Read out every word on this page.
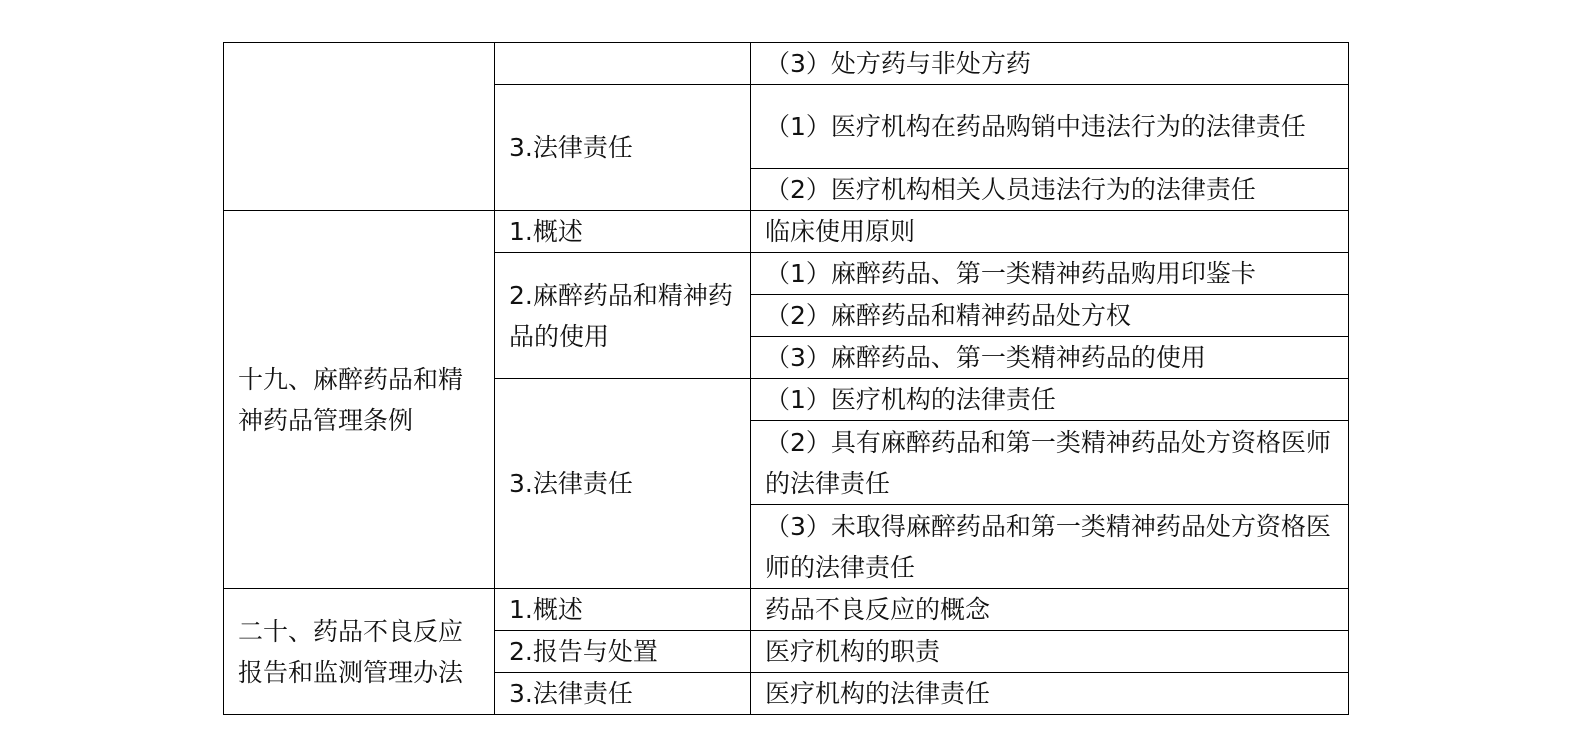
		（3）处方药与非处方药
	3.法律责任	（1）医疗机构在药品购销中违法行为的法律责任
		（2）医疗机构相关人员违法行为的法律责任
十九、麻醉药品和精神药品管理条例	1.概述	临床使用原则
	2.麻醉药品和精神药品的使用	（1）麻醉药品、第一类精神药品购用印鉴卡
		（2）麻醉药品和精神药品处方权
		（3）麻醉药品、第一类精神药品的使用
	3.法律责任	（1）医疗机构的法律责任
		（2）具有麻醉药品和第一类精神药品处方资格医师的法律责任
		（3）未取得麻醉药品和第一类精神药品处方资格医师的法律责任
二十、药品不良反应报告和监测管理办法	1.概述	药品不良反应的概念
	2.报告与处置	医疗机构的职责
	3.法律责任	医疗机构的法律责任
